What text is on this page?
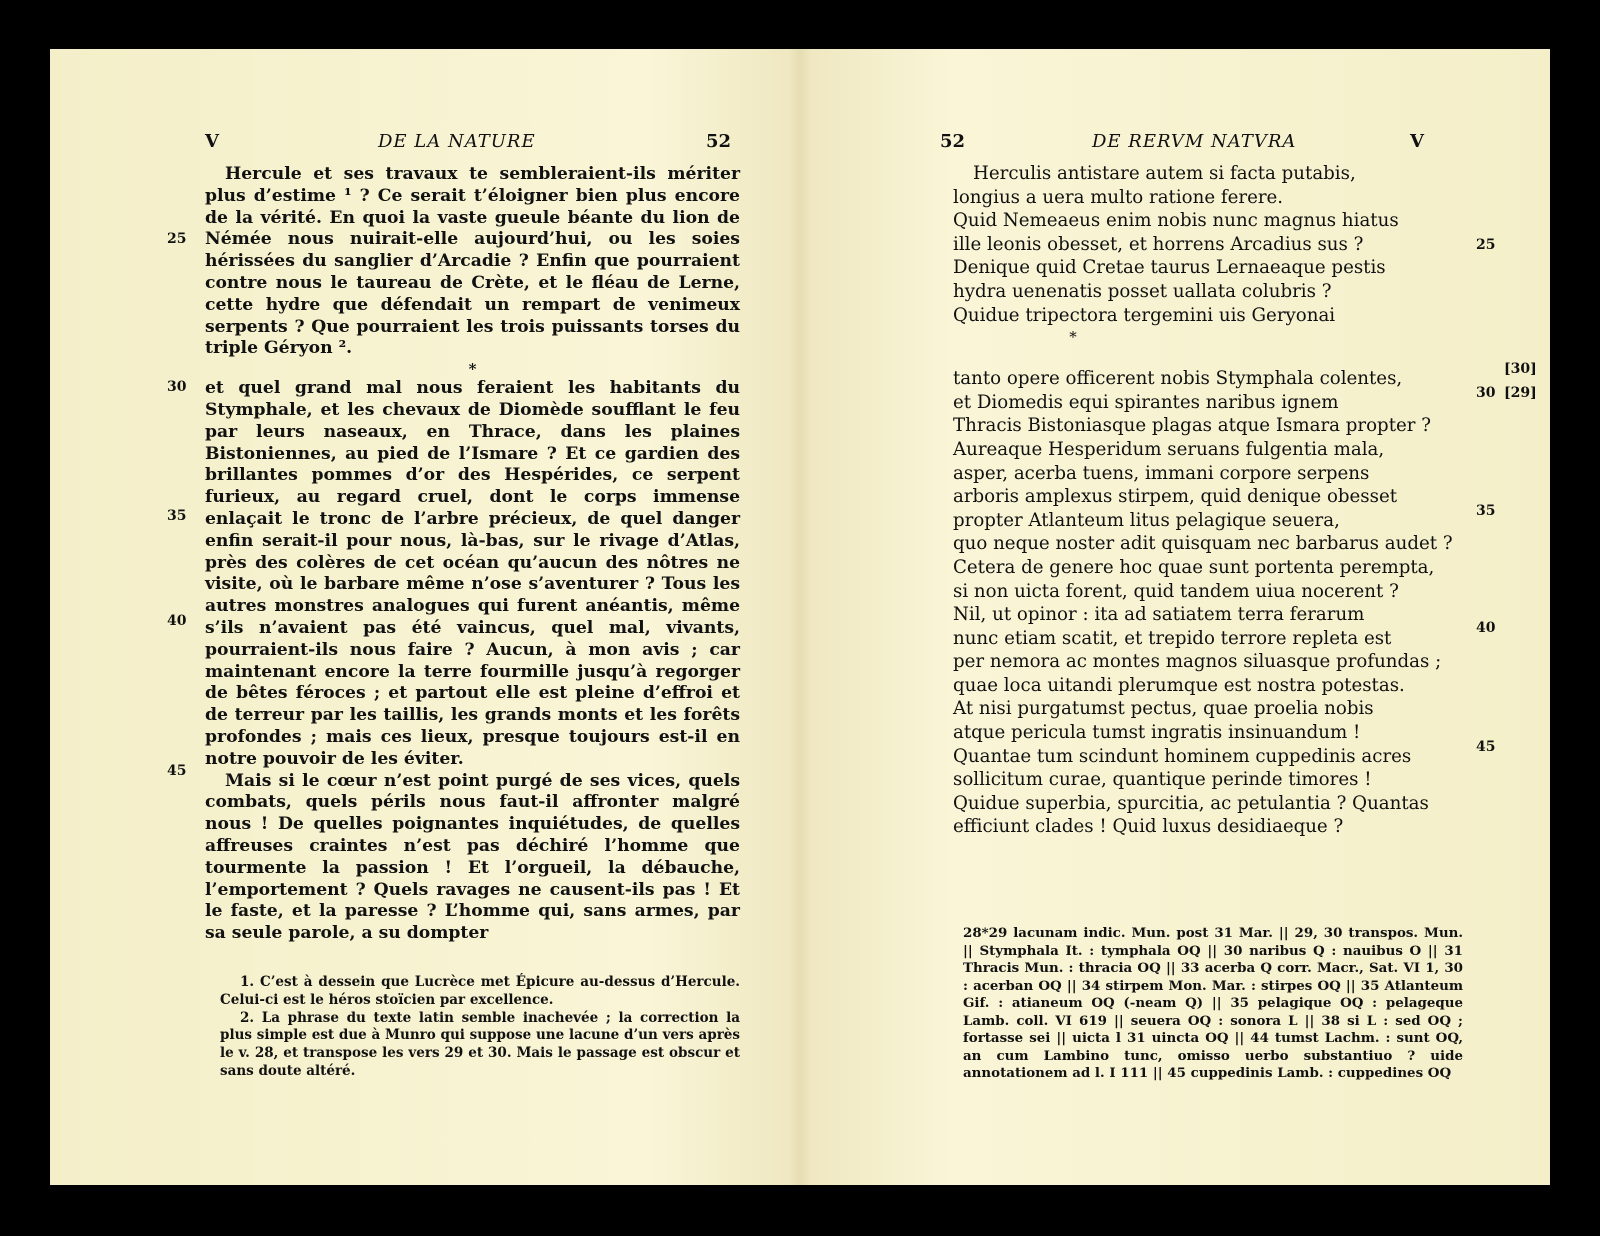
V	DE LA NATURE	52

Hercule et ses travaux te sembleraient-ils mériter plus d’estime ¹ ? Ce serait t’éloigner bien plus encore de la vérité. En quoi la vaste gueule béante du lion de Némée nous nuirait-elle aujourd’hui, ou les soies hérissées du sanglier d’Arcadie ? Enfin que pourraient contre nous le taureau de Crète, et le fléau de Lerne, cette hydre que défendait un rempart de venimeux serpents ? Que pourraient les trois puissants torses du triple Géryon ².

*

et quel grand mal nous feraient les habitants du Stymphale, et les chevaux de Diomède soufflant le feu par leurs naseaux, en Thrace, dans les plaines Bistoniennes, au pied de l’Ismare ? Et ce gardien des brillantes pommes d’or des Hespérides, ce serpent furieux, au regard cruel, dont le corps immense enlaçait le tronc de l’arbre précieux, de quel danger enfin serait-il pour nous, là-bas, sur le rivage d’Atlas, près des colères de cet océan qu’aucun des nôtres ne visite, où le barbare même n’ose s’aventurer ? Tous les autres monstres analogues qui furent anéantis, même s’ils n’avaient pas été vaincus, quel mal, vivants, pourraient-ils nous faire ? Aucun, à mon avis ; car maintenant encore la terre fourmille jusqu’à regorger de bêtes féroces ; et partout elle est pleine d’effroi et de terreur par les taillis, les grands monts et les forêts profondes ; mais ces lieux, presque toujours est-il en notre pouvoir de les éviter.

Mais si le cœur n’est point purgé de ses vices, quels combats, quels périls nous faut-il affronter malgré nous ! De quelles poignantes inquiétudes, de quelles affreuses craintes n’est pas déchiré l’homme que tourmente la passion ! Et l’orgueil, la débauche, l’emportement ? Quels ravages ne causent-ils pas ! Et le faste, et la paresse ? L’homme qui, sans armes, par sa seule parole, a su dompter

25
30
35
40
45

1. C’est à dessein que Lucrèce met Épicure au-dessus d’Hercule. Celui-ci est le héros stoïcien par excellence.

2. La phrase du texte latin semble inachevée ; la correction la plus simple est due à Munro qui suppose une lacune d’un vers après le v. 28, et transpose les vers 29 et 30. Mais le passage est obscur et sans doute altéré.

52	DE RERVM NATVRA	V
Herculis antistare autem si facta putabis,
longius a uera multo ratione ferere.
Quid Nemeaeus enim nobis nunc magnus hiatus
ille leonis obesset, et horrens Arcadius sus ?
Denique quid Cretae taurus Lernaeaque pestis
hydra uenenatis posset uallata colubris ?
Quidue tripectora tergemini uis Geryonai
*
tanto opere officerent nobis Stymphala colentes,
et Diomedis equi spirantes naribus ignem
Thracis Bistoniasque plagas atque Ismara propter ?
Aureaque Hesperidum seruans fulgentia mala,
asper, acerba tuens, immani corpore serpens
arboris amplexus stirpem, quid denique obesset
propter Atlanteum litus pelagique seuera,
quo neque noster adit quisquam nec barbarus audet ?
Cetera de genere hoc quae sunt portenta perempta,
si non uicta forent, quid tandem uiua nocerent ?
Nil, ut opinor : ita ad satiatem terra ferarum
nunc etiam scatit, et trepido terrore repleta est
per nemora ac montes magnos siluasque profundas ;
quae loca uitandi plerumque est nostra potestas.
At nisi purgatumst pectus, quae proelia nobis
atque pericula tumst ingratis insinuandum !
Quantae tum scindunt hominem cuppedinis acres
sollicitum curae, quantique perinde timores !
Quidue superbia, spurcitia, ac petulantia ? Quantas
efficiunt clades ! Quid luxus desidiaeque ?
25
[30]
30 [29]
35
40
45
28*29 lacunam indic. Mun. post 31 Mar. || 29, 30 transpos. Mun. || Stymphala It. : tymphala OQ || 30 naribus Q : nauibus O || 31 Thracis Mun. : thracia OQ || 33 acerba Q corr. Macr., Sat. VI 1, 30 : acerban OQ || 34 stirpem Mon. Mar. : stirpes OQ || 35 Atlanteum Gif. : atianeum OQ (-neam Q) || 35 pelagique OQ : pelageque Lamb. coll. VI 619 || seuera OQ : sonora L || 38 si L : sed OQ ; fortasse sei || uicta l 31 uincta OQ || 44 tumst Lachm. : sunt OQ, an cum Lambino tunc, omisso uerbo substantiuo ? uide annotationem ad l. I 111 || 45 cuppedinis Lamb. : cuppedines OQ
